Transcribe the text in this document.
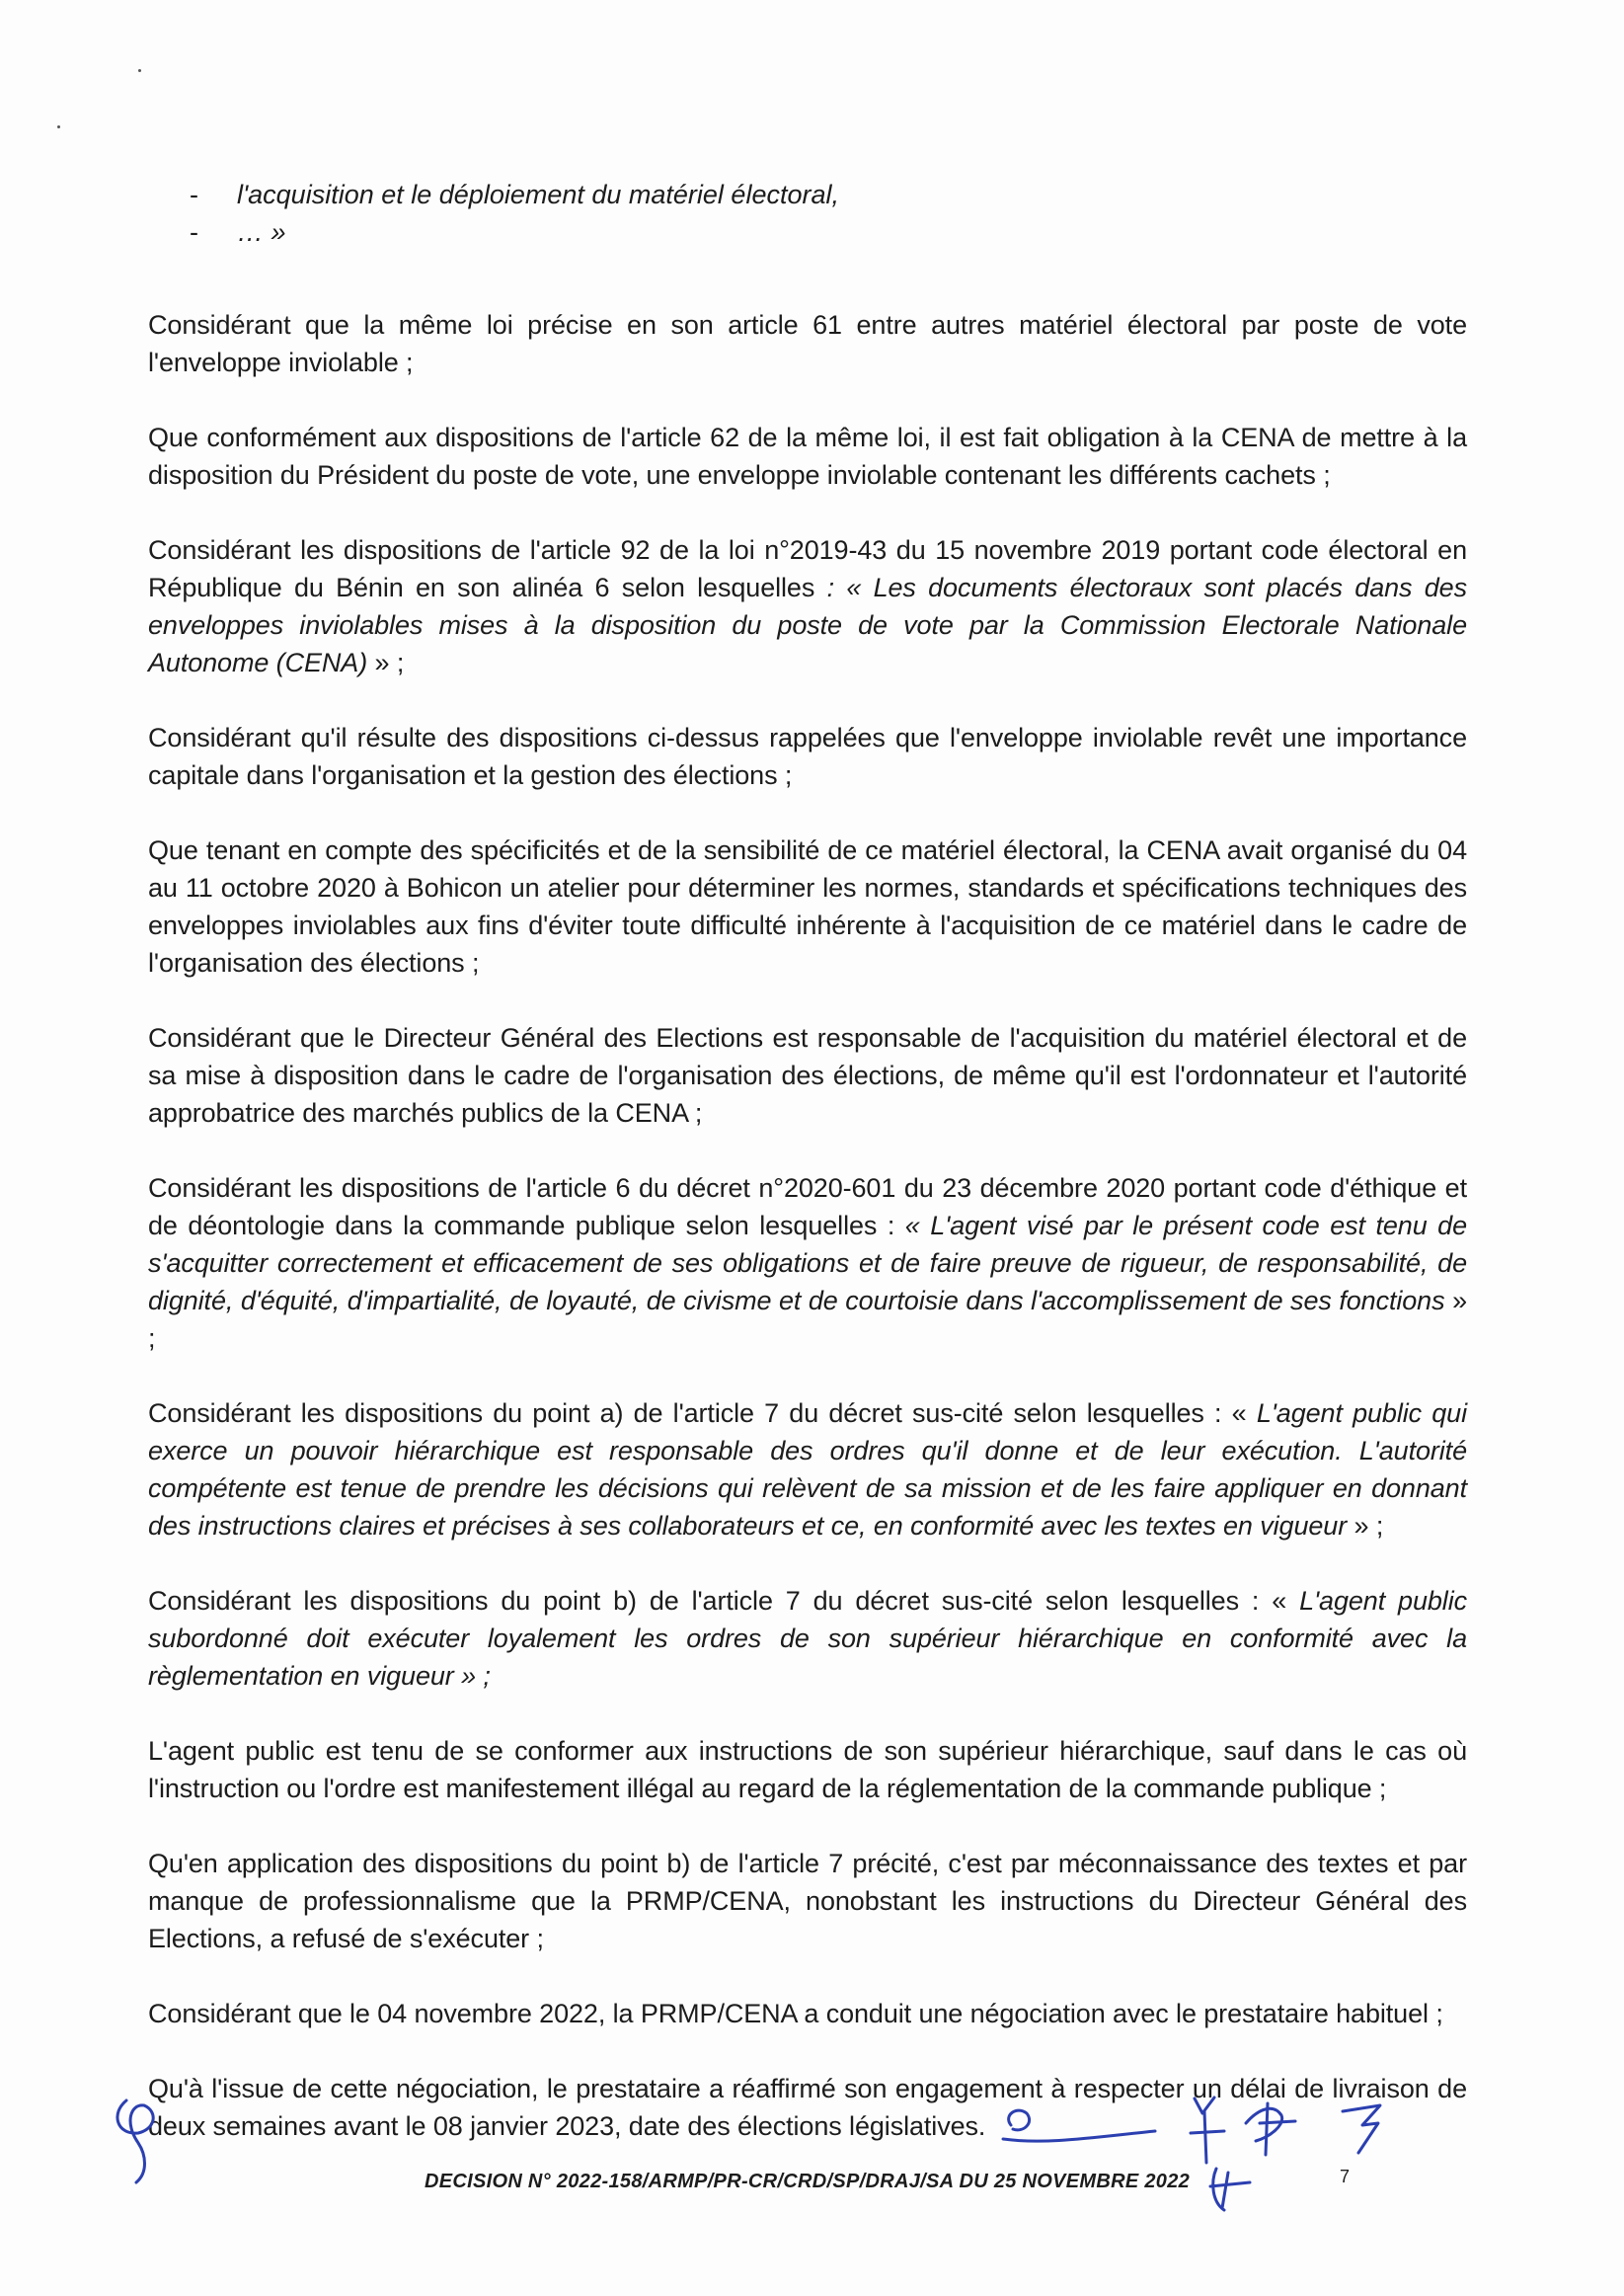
-	l'acquisition et le déploiement du matériel électoral,
-	… »

Considérant que la même loi précise en son article 61 entre autres matériel électoral par poste de vote l'enveloppe inviolable ;

Que conformément aux dispositions de l'article 62 de la même loi, il est fait obligation à la CENA de mettre à la disposition du Président du poste de vote, une enveloppe inviolable contenant les différents cachets ;

Considérant les dispositions de l'article 92 de la loi n°2019-43 du 15 novembre 2019 portant code électoral en République du Bénin en son alinéa 6 selon lesquelles : « Les documents électoraux sont placés dans des enveloppes inviolables mises à la disposition du poste de vote par la Commission Electorale Nationale Autonome (CENA) » ;

Considérant qu'il résulte des dispositions ci-dessus rappelées que l'enveloppe inviolable revêt une importance capitale dans l'organisation et la gestion des élections ;

Que tenant en compte des spécificités et de la sensibilité de ce matériel électoral, la CENA avait organisé du 04 au 11 octobre 2020 à Bohicon un atelier pour déterminer les normes, standards et spécifications techniques des enveloppes inviolables aux fins d'éviter toute difficulté inhérente à l'acquisition de ce matériel dans le cadre de l'organisation des élections ;

Considérant que le Directeur Général des Elections est responsable de l'acquisition du matériel électoral et de sa mise à disposition dans le cadre de l'organisation des élections, de même qu'il est l'ordonnateur et l'autorité approbatrice des marchés publics de la CENA ;

Considérant les dispositions de l'article 6 du décret n°2020-601 du 23 décembre 2020 portant code d'éthique et de déontologie dans la commande publique selon lesquelles : « L'agent visé par le présent code est tenu de s'acquitter correctement et efficacement de ses obligations et de faire preuve de rigueur, de responsabilité, de dignité, d'équité, d'impartialité, de loyauté, de civisme et de courtoisie dans l'accomplissement de ses fonctions » ;

Considérant les dispositions du point a) de l'article 7 du décret sus-cité selon lesquelles : « L'agent public qui exerce un pouvoir hiérarchique est responsable des ordres qu'il donne et de leur exécution. L'autorité compétente est tenue de prendre les décisions qui relèvent de sa mission et de les faire appliquer en donnant des instructions claires et précises à ses collaborateurs et ce, en conformité avec les textes en vigueur » ;

Considérant les dispositions du point b) de l'article 7 du décret sus-cité selon lesquelles : « L'agent public subordonné doit exécuter loyalement les ordres de son supérieur hiérarchique en conformité avec la règlementation en vigueur » ;

L'agent public est tenu de se conformer aux instructions de son supérieur hiérarchique, sauf dans le cas où l'instruction ou l'ordre est manifestement illégal au regard de la réglementation de la commande publique ;

Qu'en application des dispositions du point b) de l'article 7 précité, c'est par méconnaissance des textes et par manque de professionnalisme que la PRMP/CENA, nonobstant les instructions du Directeur Général des Elections, a refusé de s'exécuter ;

Considérant que le 04 novembre 2022, la PRMP/CENA a conduit une négociation avec le prestataire habituel ;

Qu'à l'issue de cette négociation, le prestataire a réaffirmé son engagement à respecter un délai de livraison de deux semaines avant le 08 janvier 2023, date des élections législatives.

DECISION N° 2022-158/ARMP/PR-CR/CRD/SP/DRAJ/SA DU 25 NOVEMBRE 2022	7
